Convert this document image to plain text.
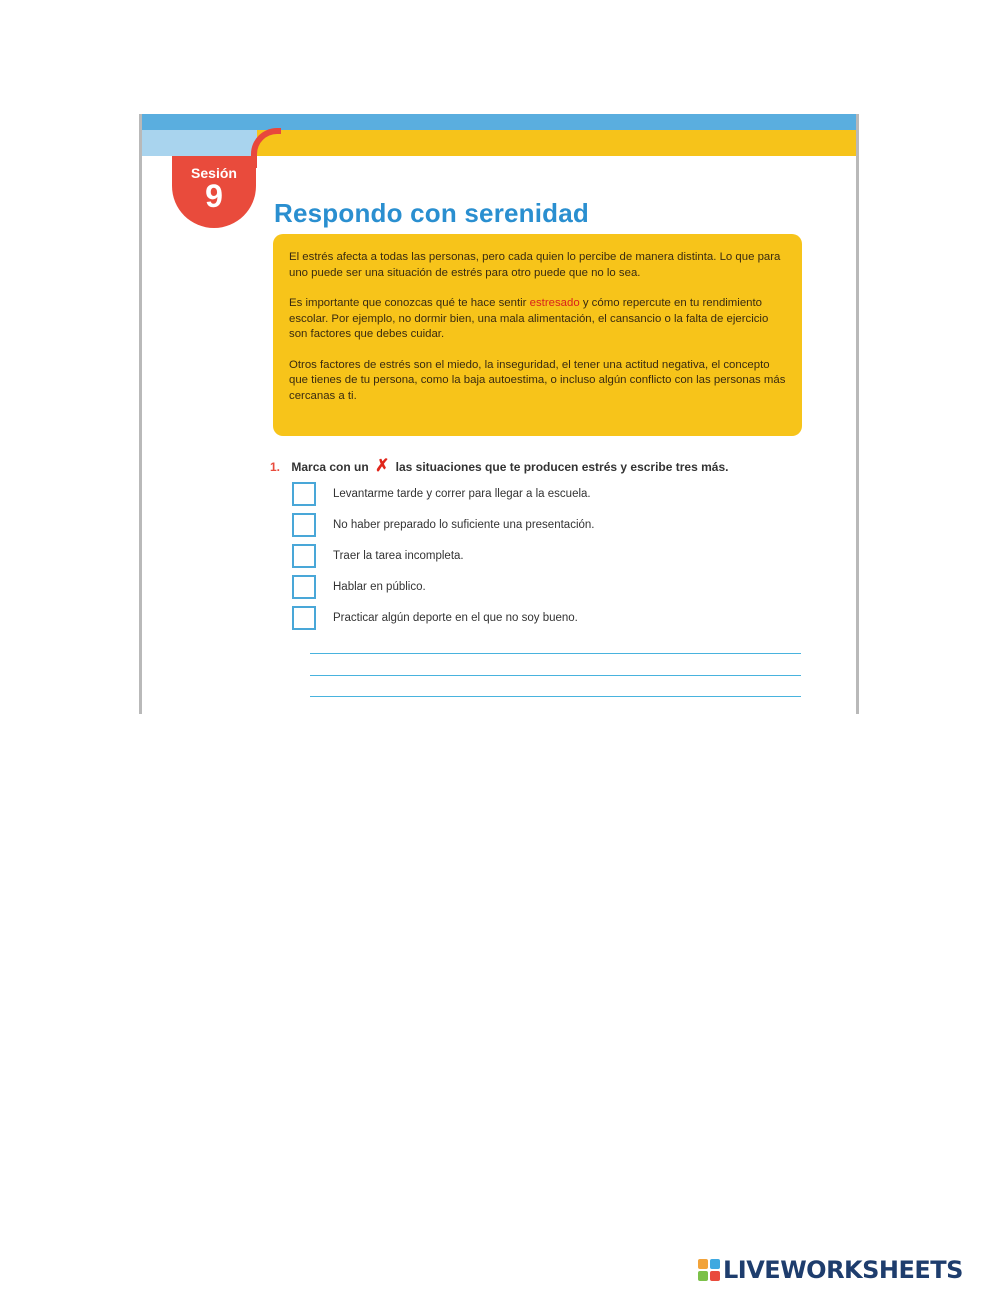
Sesión
9	Respondo con serenidad

El estrés afecta a todas las personas, pero cada quien lo percibe de manera distinta. Lo que para uno puede ser una situación de estrés para otro puede que no lo sea.

Es importante que conozcas qué te hace sentir estresado y cómo repercute en tu rendimiento escolar. Por ejemplo, no dormir bien, una mala alimentación, el cansancio o la falta de ejercicio son factores que debes cuidar.

Otros factores de estrés son el miedo, la inseguridad, el tener una actitud negativa, el concepto que tienes de tu persona, como la baja autoestima, o incluso algún conflicto con las personas más cercanas a ti.

1. Marca con un ✗ las situaciones que te producen estrés y escribe tres más.
Levantarme tarde y correr para llegar a la escuela.
No haber preparado lo suficiente una presentación.
Traer la tarea incompleta.
Hablar en público.
Practicar algún deporte en el que no soy bueno.
LIVEWORKSHEETS
